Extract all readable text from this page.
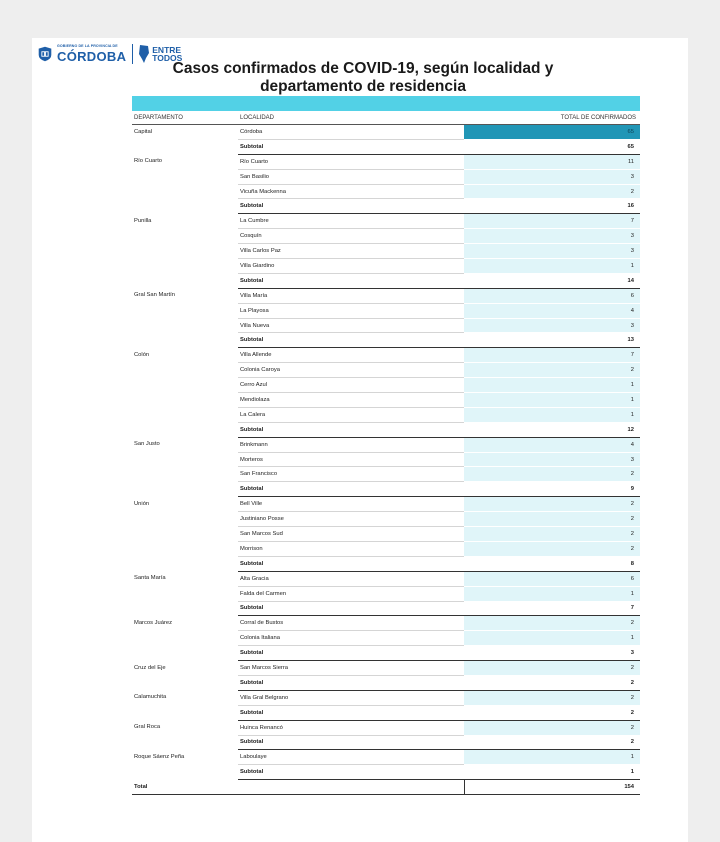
GOBIERNO DE LA PROVINCIA DE
CÓRDOBA	ENTRE
TODOS
Casos confirmados de COVID-19, según localidad y departamento de residencia

DEPARTAMENTO	LOCALIDAD	TOTAL DE CONFIRMADOS
Capital	Córdoba	65
	Subtotal	65
Río Cuarto	Río Cuarto	11
	San Basilio	3
	Vicuña Mackenna	2
	Subtotal	16
Punilla	La Cumbre	7
	Cosquín	3
	Villa Carlos Paz	3
	Villa Giardino	1
	Subtotal	14
Gral San Martín	Villa María	6
	La Playosa	4
	Villa Nueva	3
	Subtotal	13
Colón	Villa Allende	7
	Colonia Caroya	2
	Cerro Azul	1
	Mendiolaza	1
	La Calera	1
	Subtotal	12
San Justo	Brinkmann	4
	Morteros	3
	San Francisco	2
	Subtotal	9
Unión	Bell Ville	2
	Justiniano Posse	2
	San Marcos Sud	2
	Morrison	2
	Subtotal	8
Santa María	Alta Gracia	6
	Falda del Carmen	1
	Subtotal	7
Marcos Juárez	Corral de Bustos	2
	Colonia Italiana	1
	Subtotal	3
Cruz del Eje	San Marcos Sierra	2
	Subtotal	2
Calamuchita	Villa Gral Belgrano	2
	Subtotal	2
Gral Roca	Huinca Renancó	2
	Subtotal	2
Roque Sáenz Peña	Laboulaye	1
	Subtotal	1
Total		154
